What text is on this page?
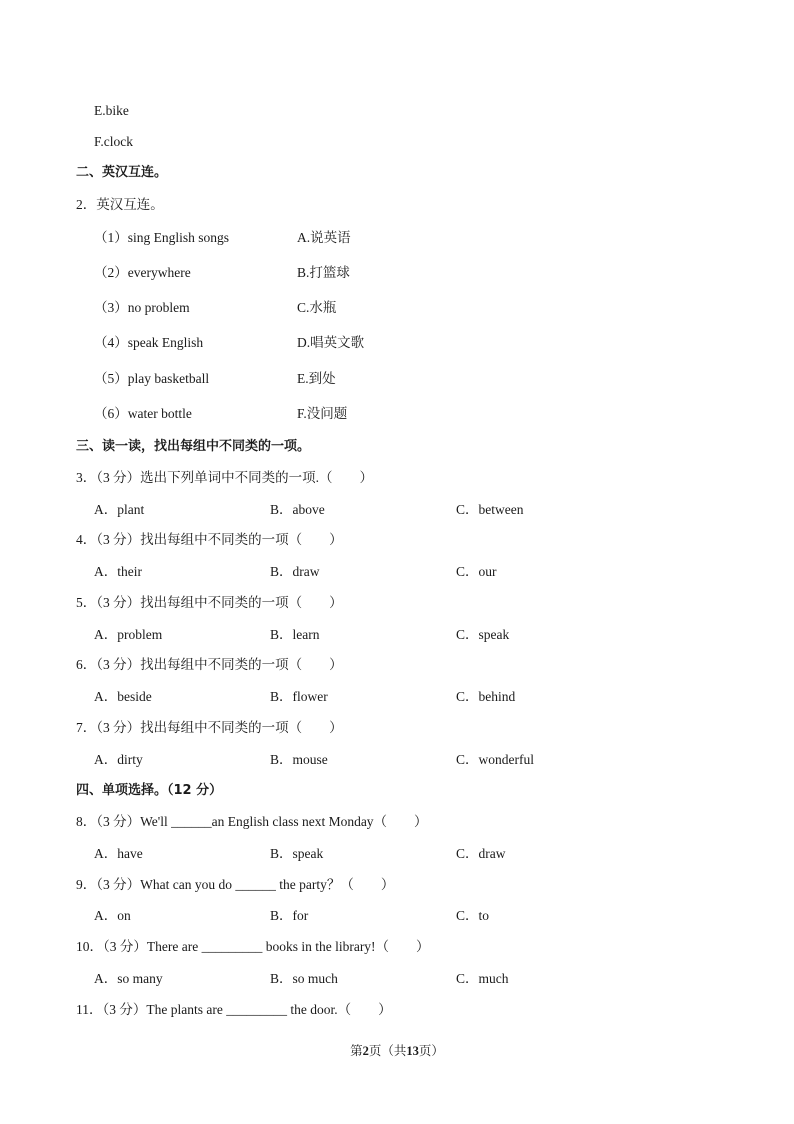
E.bike
F.clock
二、英汉互连。
2．英汉互连。
（1）sing English songs	A.说英语
（2）everywhere	B.打篮球
（3）no problem	C.水瓶
（4）speak English	D.唱英文歌
（5）play basketball	E.到处
（6）water bottle	F.没问题
三、读一读，找出每组中不同类的一项。
3．（3 分）选出下列单词中不同类的一项.（　　）
A．plant	B．above	C．between
4．（3 分）找出每组中不同类的一项（　　）
A．their	B．draw	C．our
5．（3 分）找出每组中不同类的一项（　　）
A．problem	B．learn	C．speak
6．（3 分）找出每组中不同类的一项（　　）
A．beside	B．flower	C．behind
7．（3 分）找出每组中不同类的一项（　　）
A．dirty	B．mouse	C．wonderful
四、单项选择。（12 分）
8．（3 分）We'll ______an English class next Monday（　　）
A．have	B．speak	C．draw
9．（3 分）What can you do ______ the party？（　　）
A．on	B．for	C．to
10．（3 分）There are _________ books in the library!（　　）
A．so many	B．so much	C．much
11．（3 分）The plants are _________ the door.（　　）
第2页（共13页）
